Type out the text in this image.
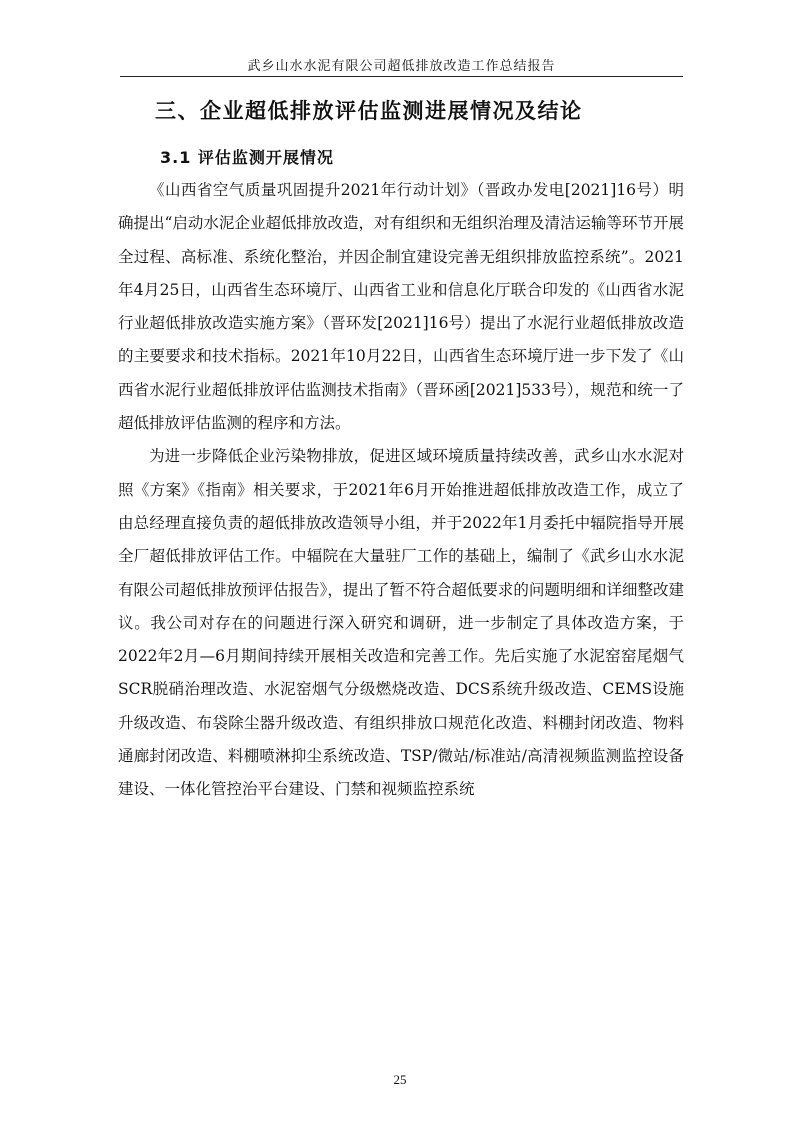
武乡山水水泥有限公司超低排放改造工作总结报告
三、企业超低排放评估监测进展情况及结论
3.1 评估监测开展情况

《山西省空气质量巩固提升2021年行动计划》（晋政办发电[2021]16号）明确提出“启动水泥企业超低排放改造，对有组织和无组织治理及清洁运输等环节开展全过程、高标准、系统化整治，并因企制宜建设完善无组织排放监控系统”。2021年4月25日，山西省生态环境厅、山西省工业和信息化厅联合印发的《山西省水泥行业超低排放改造实施方案》（晋环发[2021]16号）提出了水泥行业超低排放改造的主要要求和技术指标。2021年10月22日，山西省生态环境厅进一步下发了《山西省水泥行业超低排放评估监测技术指南》（晋环函[2021]533号），规范和统一了超低排放评估监测的程序和方法。

为进一步降低企业污染物排放，促进区域环境质量持续改善，武乡山水水泥对照《方案》《指南》相关要求，于2021年6月开始推进超低排放改造工作，成立了由总经理直接负责的超低排放改造领导小组，并于2022年1月委托中辐院指导开展全厂超低排放评估工作。中辐院在大量驻厂工作的基础上，编制了《武乡山水水泥有限公司超低排放预评估报告》，提出了暂不符合超低要求的问题明细和详细整改建议。我公司对存在的问题进行深入研究和调研，进一步制定了具体改造方案，于2022年2月—6月期间持续开展相关改造和完善工作。先后实施了水泥窑窑尾烟气SCR脱硝治理改造、水泥窑烟气分级燃烧改造、DCS系统升级改造、CEMS设施升级改造、布袋除尘器升级改造、有组织排放口规范化改造、料棚封闭改造、物料通廊封闭改造、料棚喷淋抑尘系统改造、TSP/微站/标准站/高清视频监测监控设备建设、一体化管控治平台建设、门禁和视频监控系统

25
